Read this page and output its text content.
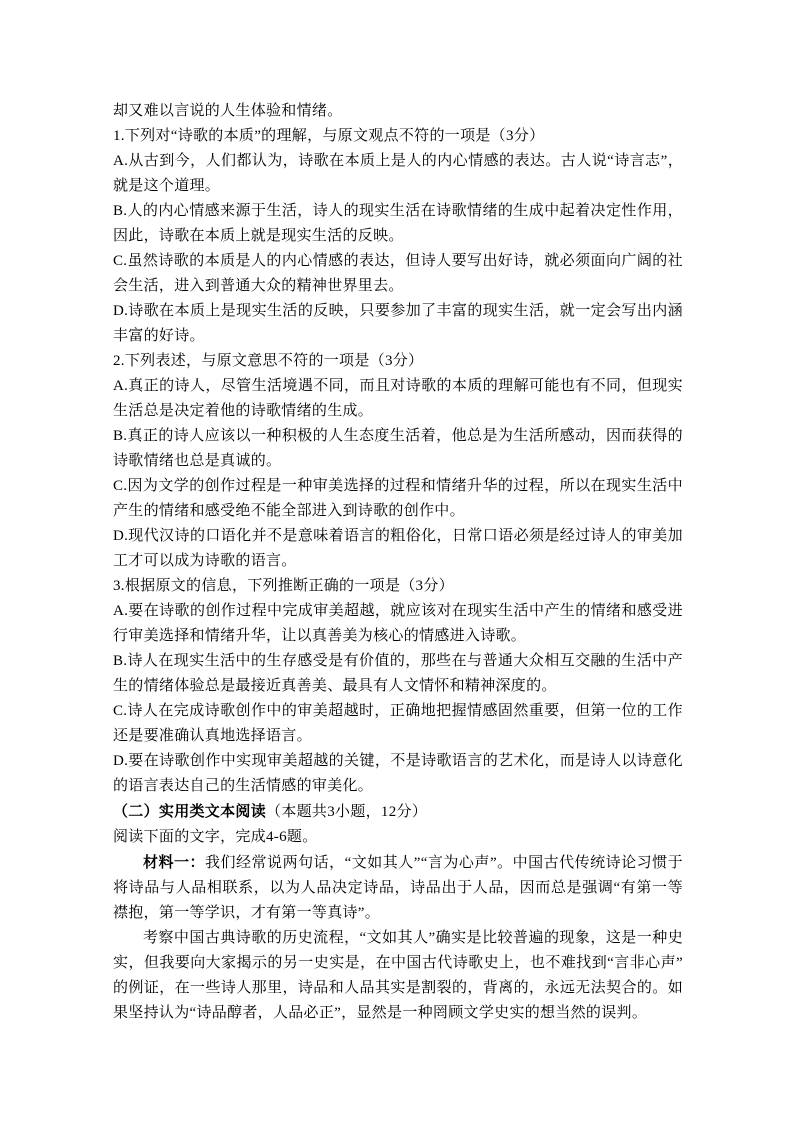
却又难以言说的人生体验和情绪。

1.下列对“诗歌的本质”的理解，与原文观点不符的一项是（3分）

A.从古到今，人们都认为，诗歌在本质上是人的内心情感的表达。古人说“诗言志”，就是这个道理。

B.人的内心情感来源于生活，诗人的现实生活在诗歌情绪的生成中起着决定性作用，因此，诗歌在本质上就是现实生活的反映。

C.虽然诗歌的本质是人的内心情感的表达，但诗人要写出好诗，就必须面向广阔的社会生活，进入到普通大众的精神世界里去。

D.诗歌在本质上是现实生活的反映，只要参加了丰富的现实生活，就一定会写出内涵丰富的好诗。

2.下列表述，与原文意思不符的一项是（3分）

A.真正的诗人，尽管生活境遇不同，而且对诗歌的本质的理解可能也有不同，但现实生活总是决定着他的诗歌情绪的生成。

B.真正的诗人应该以一种积极的人生态度生活着，他总是为生活所感动，因而获得的诗歌情绪也总是真诚的。

C.因为文学的创作过程是一种审美选择的过程和情绪升华的过程，所以在现实生活中产生的情绪和感受绝不能全部进入到诗歌的创作中。

D.现代汉诗的口语化并不是意味着语言的粗俗化，日常口语必须是经过诗人的审美加工才可以成为诗歌的语言。

3.根据原文的信息，下列推断正确的一项是（3分）

A.要在诗歌的创作过程中完成审美超越，就应该对在现实生活中产生的情绪和感受进行审美选择和情绪升华，让以真善美为核心的情感进入诗歌。

B.诗人在现实生活中的生存感受是有价值的，那些在与普通大众相互交融的生活中产生的情绪体验总是最接近真善美、最具有人文情怀和精神深度的。

C.诗人在完成诗歌创作中的审美超越时，正确地把握情感固然重要，但第一位的工作还是要准确认真地选择语言。

D.要在诗歌创作中实现审美超越的关键，不是诗歌语言的艺术化，而是诗人以诗意化的语言表达自己的生活情感的审美化。

（二）实用类文本阅读（本题共3小题，12分）

阅读下面的文字，完成4-6题。

材料一：我们经常说两句话，“文如其人”“言为心声”。中国古代传统诗论习惯于将诗品与人品相联系，以为人品决定诗品，诗品出于人品，因而总是强调“有第一等襟抱，第一等学识，才有第一等真诗”。

考察中国古典诗歌的历史流程，“文如其人”确实是比较普遍的现象，这是一种史实，但我要向大家揭示的另一史实是，在中国古代诗歌史上，也不难找到“言非心声”的例证，在一些诗人那里，诗品和人品其实是割裂的，背离的，永远无法契合的。如果坚持认为“诗品醇者，人品必正”，显然是一种罔顾文学史实的想当然的误判。
